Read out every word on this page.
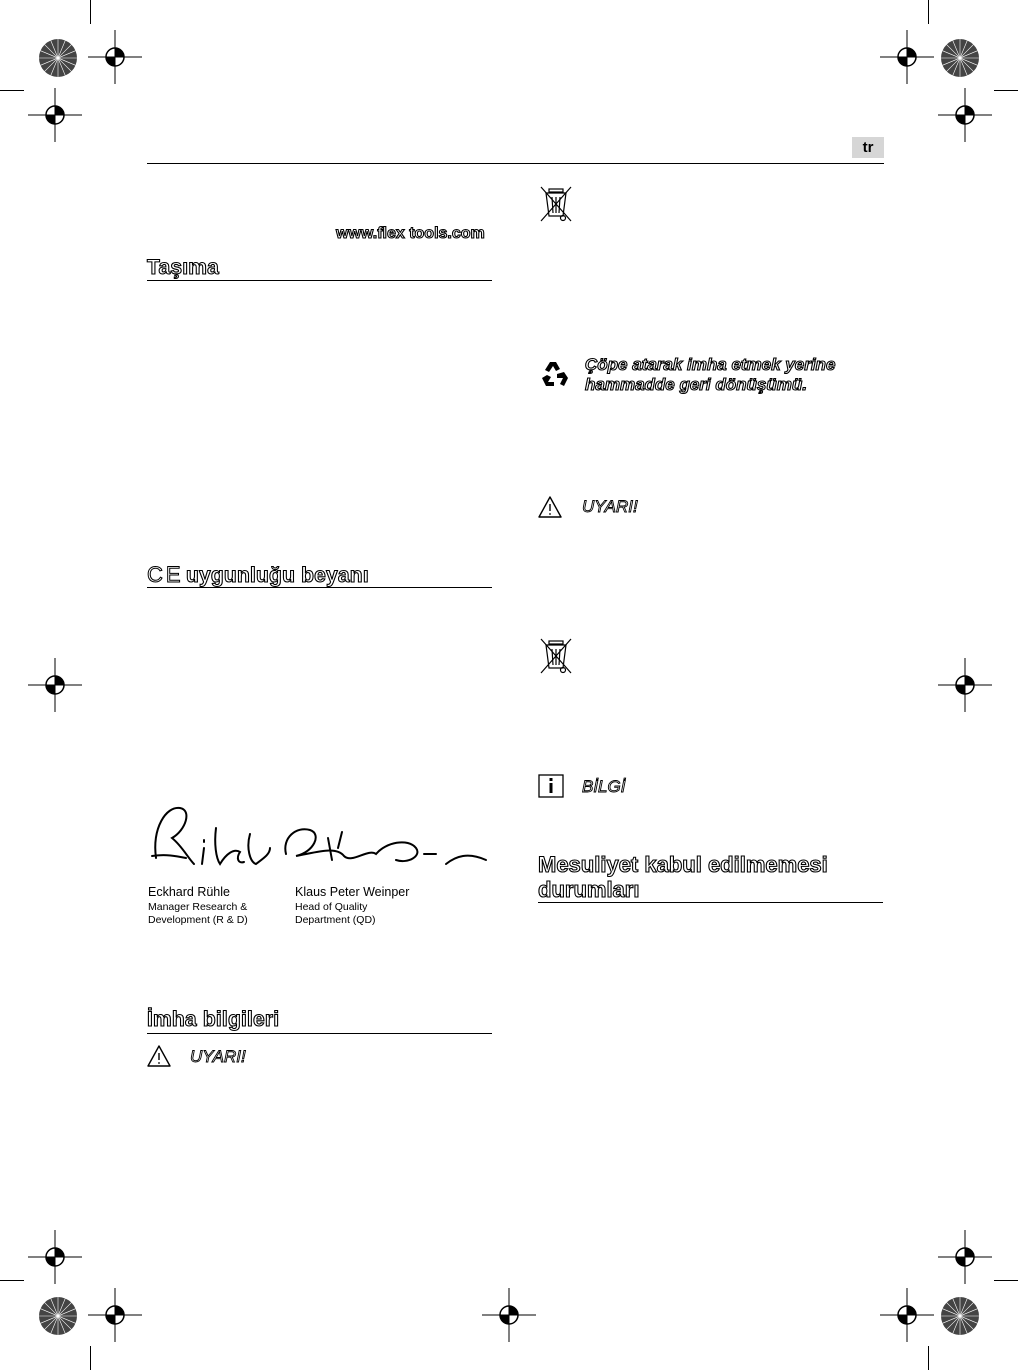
tr
www.flex tools.com
Taşıma
CE uygunluğu beyanı
Eckhard Rühle
Manager Research &
Development (R & D)
Klaus Peter Weinper
Head of Quality
Department (QD)
İmha bilgileri
UYARI!
Çöpe atarak imha etmek yerine
hammadde geri dönüşümü.
UYARI!
BİLGİ
Mesuliyet kabul edilmemesi
durumları
